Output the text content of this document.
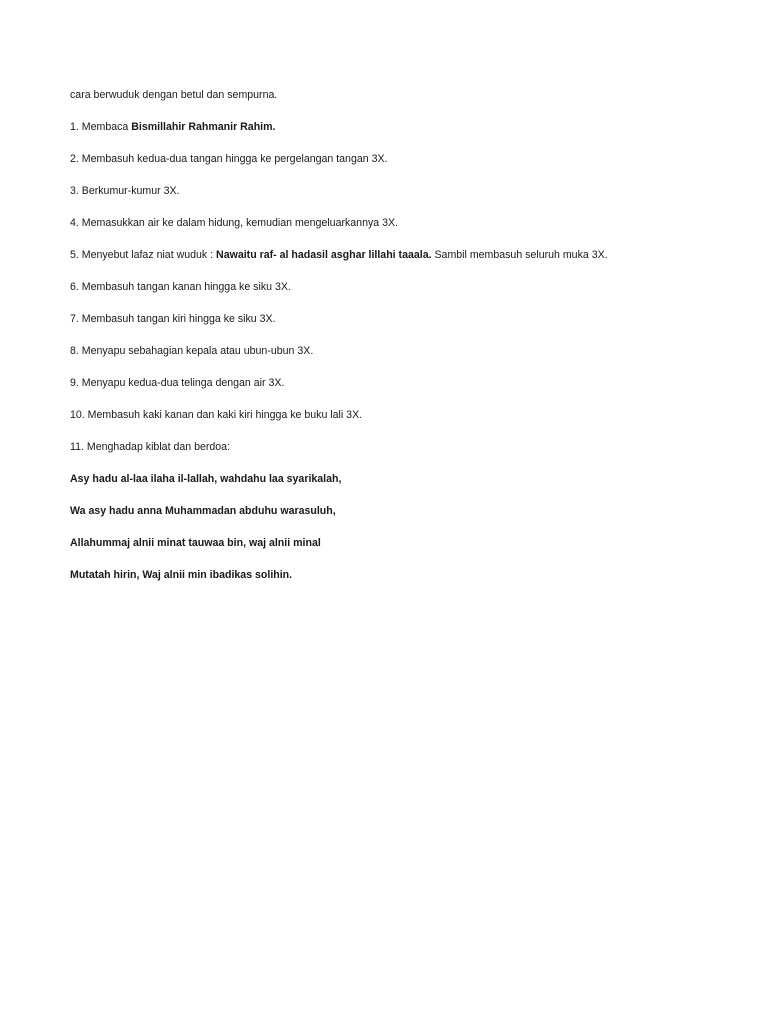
cara berwuduk dengan betul dan sempurna.
1. Membaca Bismillahir Rahmanir Rahim.
2. Membasuh kedua-dua tangan hingga ke pergelangan tangan 3X.
3. Berkumur-kumur 3X.
4. Memasukkan air ke dalam hidung, kemudian mengeluarkannya 3X.
5. Menyebut lafaz niat wuduk : Nawaitu raf- al hadasil asghar lillahi taaala. Sambil membasuh seluruh muka 3X.
6. Membasuh tangan kanan hingga ke siku 3X.
7. Membasuh tangan kiri hingga ke siku 3X.
8. Menyapu sebahagian kepala atau ubun-ubun 3X.
9. Menyapu kedua-dua telinga dengan air 3X.
10. Membasuh kaki kanan dan kaki kiri hingga ke buku lali 3X.
11. Menghadap kiblat dan berdoa:
Asy hadu al-laa ilaha il-lallah, wahdahu laa syarikalah,
Wa asy hadu anna Muhammadan abduhu warasuluh,
Allahummaj alnii minat tauwaa bin, waj alnii minal
Mutatah hirin, Waj alnii min ibadikas solihin.
